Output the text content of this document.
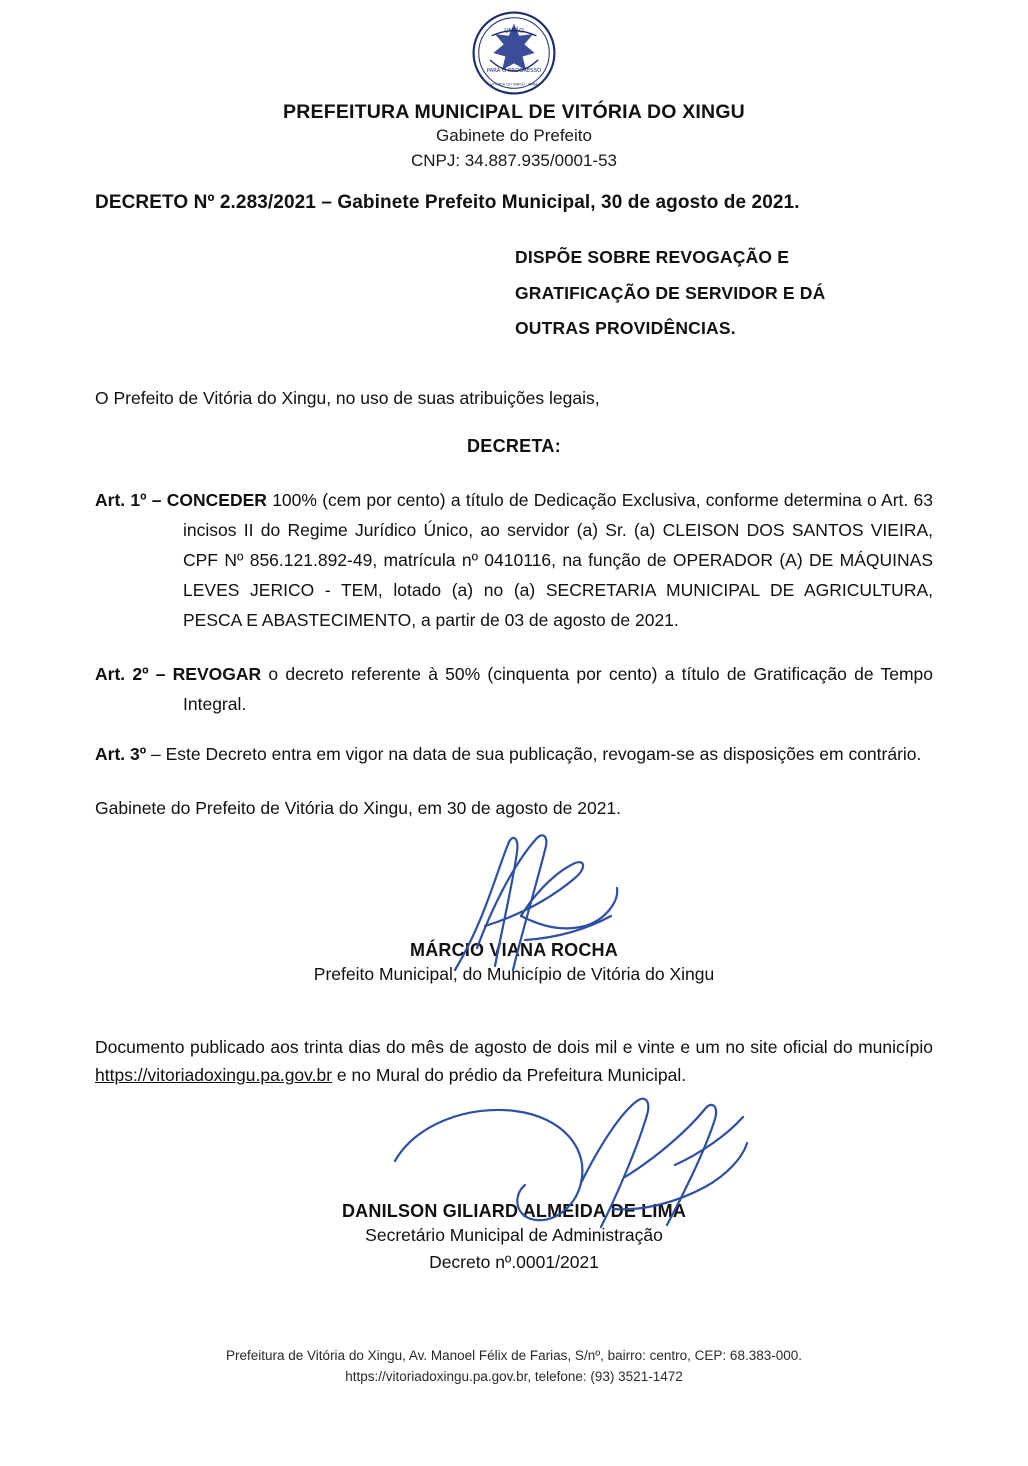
UNIÃO
PARA O PROGRESSO
VITÓRIA DO XINGU - PARÁ
PREFEITURA MUNICIPAL DE VITÓRIA DO XINGU
Gabinete do Prefeito
CNPJ: 34.887.935/0001-53
DECRETO Nº 2.283/2021 – Gabinete Prefeito Municipal, 30 de agosto de 2021.
DISPÕE SOBRE REVOGAÇÃO E
GRATIFICAÇÃO DE SERVIDOR E DÁ
OUTRAS PROVIDÊNCIAS.
O Prefeito de Vitória do Xingu, no uso de suas atribuições legais,
DECRETA:

Art. 1º – CONCEDER 100% (cem por cento) a título de Dedicação Exclusiva, conforme determina o Art. 63 incisos II do Regime Jurídico Único, ao servidor (a) Sr. (a) CLEISON DOS SANTOS VIEIRA, CPF Nº 856.121.892-49, matrícula nº 0410116, na função de OPERADOR (A) DE MÁQUINAS LEVES JERICO - TEM, lotado (a) no (a) SECRETARIA MUNICIPAL DE AGRICULTURA, PESCA E ABASTECIMENTO, a partir de 03 de agosto de 2021.

Art. 2º – REVOGAR o decreto referente à 50% (cinquenta por cento) a título de Gratificação de Tempo Integral.

Art. 3º – Este Decreto entra em vigor na data de sua publicação, revogam-se as disposições em contrário.

Gabinete do Prefeito de Vitória do Xingu, em 30 de agosto de 2021.
MÁRCIO VIANA ROCHA
Prefeito Municipal, do Município de Vitória do Xingu
Documento publicado aos trinta dias do mês de agosto de dois mil e vinte e um no site oficial do município https://vitoriadoxingu.pa.gov.br e no Mural do prédio da Prefeitura Municipal.
DANILSON GILIARD ALMEIDA DE LIMA
Secretário Municipal de Administração
Decreto nº.0001/2021
Prefeitura de Vitória do Xingu, Av. Manoel Félix de Farias, S/nº, bairro: centro, CEP: 68.383-000.
https://vitoriadoxingu.pa.gov.br, telefone: (93) 3521-1472
